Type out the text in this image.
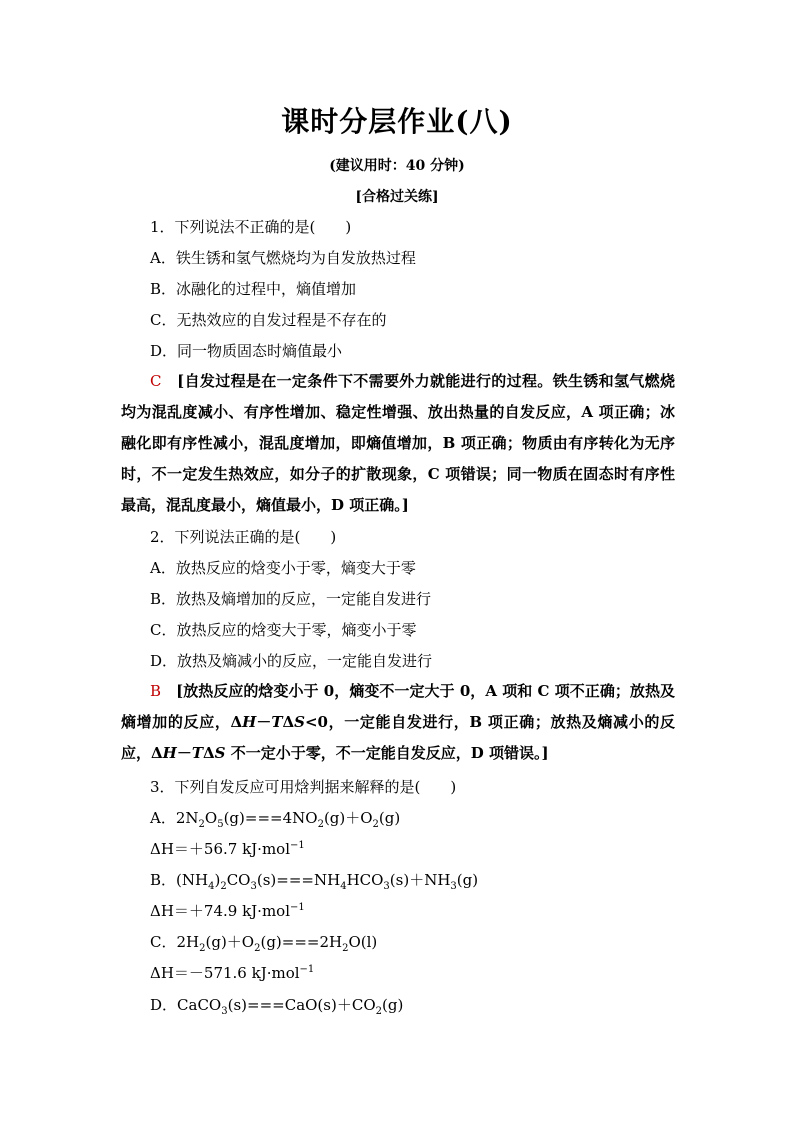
课时分层作业(八)
(建议用时：40 分钟)
[合格过关练]
1．下列说法不正确的是(　　)
A．铁生锈和氢气燃烧均为自发放热过程
B．冰融化的过程中，熵值增加
C．无热效应的自发过程是不存在的
D．同一物质固态时熵值最小
C　 [自发过程是在一定条件下不需要外力就能进行的过程。铁生锈和氢气燃烧均为混乱度减小、有序性增加、稳定性增强、放出热量的自发反应，A 项正确；冰融化即有序性减小，混乱度增加，即熵值增加，B 项正确；物质由有序转化为无序时，不一定发生热效应，如分子的扩散现象，C 项错误；同一物质在固态时有序性最高，混乱度最小，熵值最小，D 项正确。]
2．下列说法正确的是(　　)
A．放热反应的焓变小于零，熵变大于零
B．放热及熵增加的反应，一定能自发进行
C．放热反应的焓变大于零，熵变小于零
D．放热及熵减小的反应，一定能自发进行
B　 [放热反应的焓变小于 0，熵变不一定大于 0，A 项和 C 项不正确；放热及熵增加的反应，ΔH－TΔS<0，一定能自发进行，B 项正确；放热及熵减小的反应，ΔH－TΔS 不一定小于零，不一定能自发反应，D 项错误。]
3．下列自发反应可用焓判据来解释的是(　　)
A．$2N_2O_5(g)===4NO_2(g)+O_2(g)$
ΔH＝＋56.7 kJ·mol$^{-1}$
B．$(NH_4)_2CO_3(s)===NH_4HCO_3(s)+NH_3(g)$
ΔH＝＋74.9 kJ·mol$^{-1}$
C．$2H_2(g)+O_2(g)===2H_2O(l)$
ΔH＝－571.6 kJ·mol$^{-1}$
D．$CaCO_3(s)===CaO(s)+CO_2(g)$
